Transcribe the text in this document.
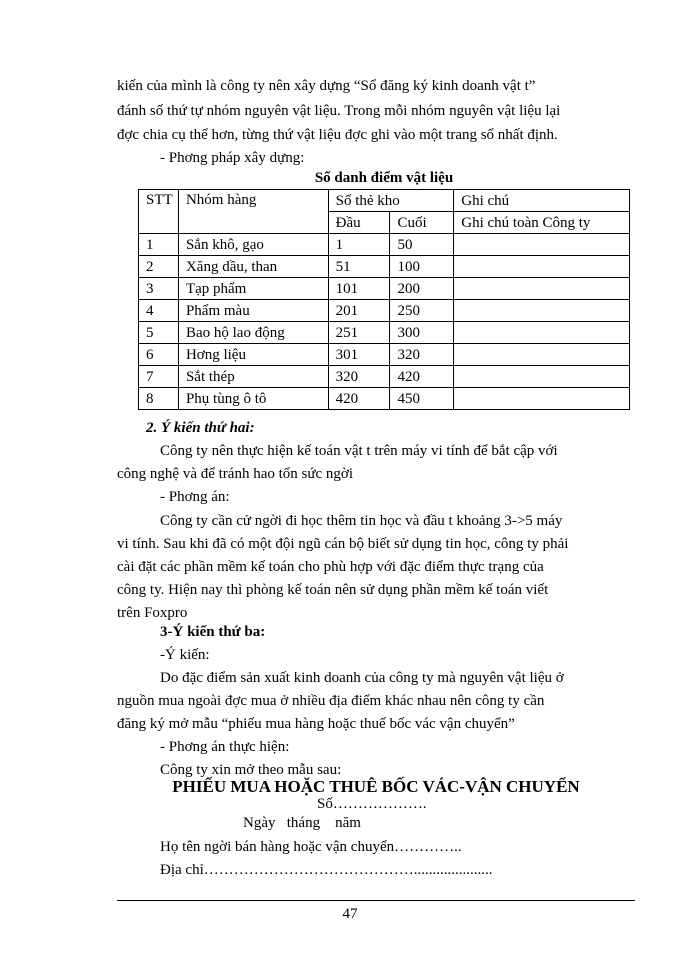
kiến của mình là công ty nên xây dựng “Sổ đăng ký kinh doanh vật t”
đánh số thứ tự nhóm nguyên vật liệu. Trong mỗi nhóm nguyên vật liệu lại
đợc chia cụ thể hơn, từng thứ vật liệu đợc ghi vào một trang sổ nhất định.
- Phơng pháp xây dựng:
Sổ danh điểm vật liệu
STT	Nhóm hàng	Số thẻ kho		Ghi chú
		Đầu	Cuối	Ghi chú toàn Công ty
1	Sắn khô, gạo	1	50	
2	Xăng dầu, than	51	100	
3	Tạp phẩm	101	200	
4	Phẩm màu	201	250	
5	Bao hộ lao động	251	300	
6	Hơng liệu	301	320	
7	Sắt thép	320	420	
8	Phụ tùng ô tô	420	450	
2. Ý kiến thứ hai:
Công ty nên thực hiện kế toán vật t trên máy vi tính để bắt cập với
công nghệ và để tránh hao tổn sức ngời
- Phơng án:
Công ty cần cử ngời đi học thêm tin học và đầu t khoảng 3->5 máy
vi tính. Sau khi đã có một đội ngũ cán bộ biết sử dụng tin học, công ty phải
cài đặt các phần mềm kế toán cho phù hợp với đặc điểm thực trạng của
công ty. Hiện nay thì phòng kế toán nên sử dụng phần mềm kế toán viết
trên Foxpro
3-Ý kiến thứ ba:
-Ý kiến:
Do đặc điểm sản xuất kinh doanh của công ty mà nguyên vật liệu ở
nguồn mua ngoài đợc mua ở nhiều địa điểm khác nhau nên công ty cần
đăng ký mở mẫu “phiếu mua hàng hoặc thuế bốc vác vận chuyển”
- Phơng án thực hiện:
Công ty xin mở theo mẫu sau:
PHIẾU MUA HOẶC THUÊ BỐC VÁC-VẬN CHUYỂN
Số……………….
Ngày   tháng    năm
Họ tên ngời bán hàng hoặc vận chuyển…………..
Địa chỉ…………………………………….....................
47
